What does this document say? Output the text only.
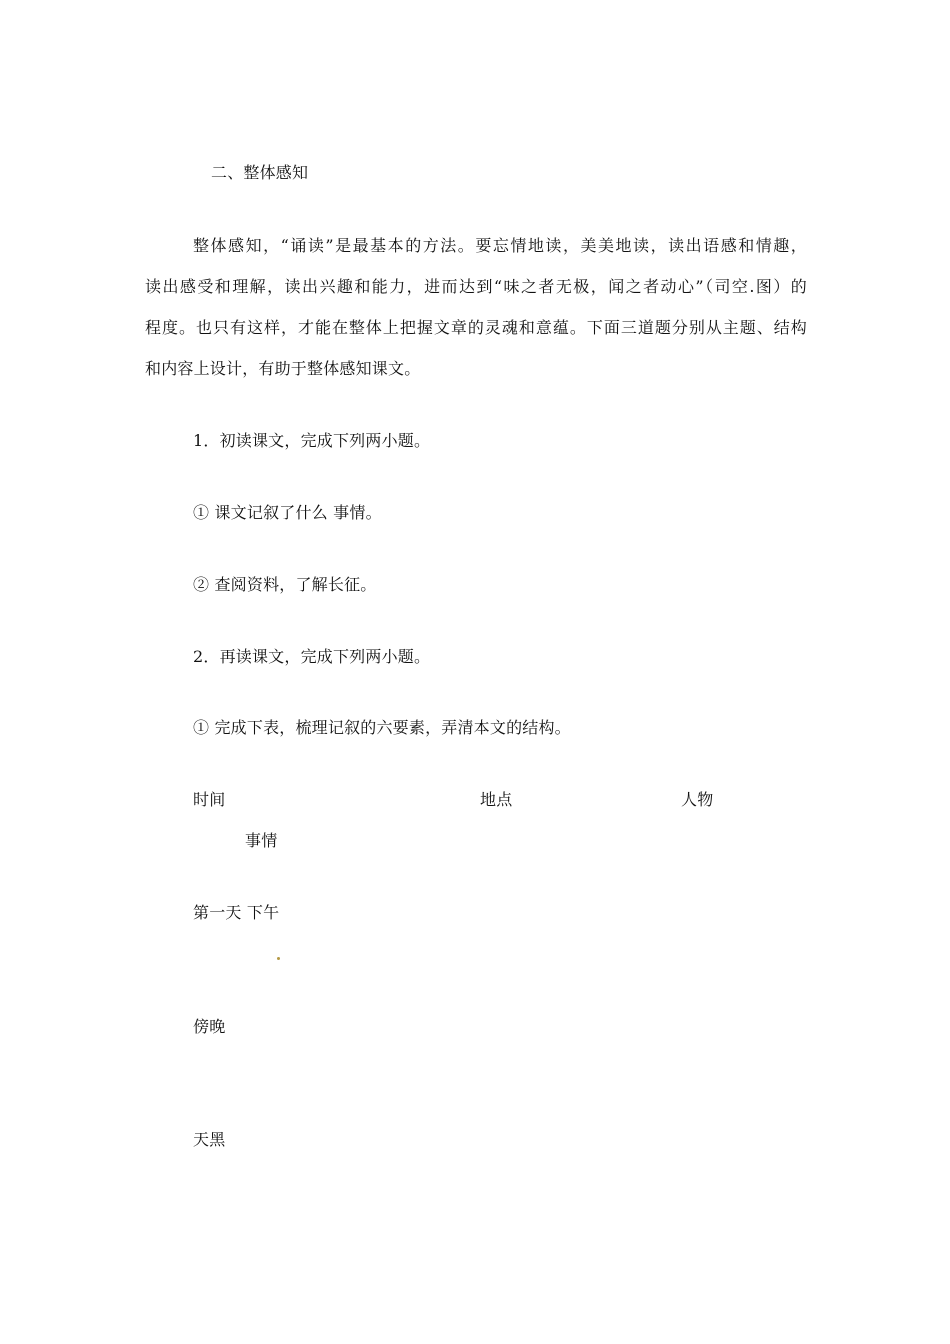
二、整体感知
整体感知，“诵读”是最基本的方法。要忘情地读，美美地读，读出语感和情趣，
读出感受和理解，读出兴趣和能力，进而达到“味之者无极，闻之者动心”（司空.图）的
程度。也只有这样，才能在整体上把握文章的灵魂和意蕴。下面三道题分别从主题、结构
和内容上设计，有助于整体感知课文。
1．初读课文，完成下列两小题。
① 课文记叙了什么 事情。
② 查阅资料，了解长征。
2．再读课文，完成下列两小题。
① 完成下表，梳理记叙的六要素，弄清本文的结构。
时间	地点	人物
事情
第一天 下午
傍晚
天黑
